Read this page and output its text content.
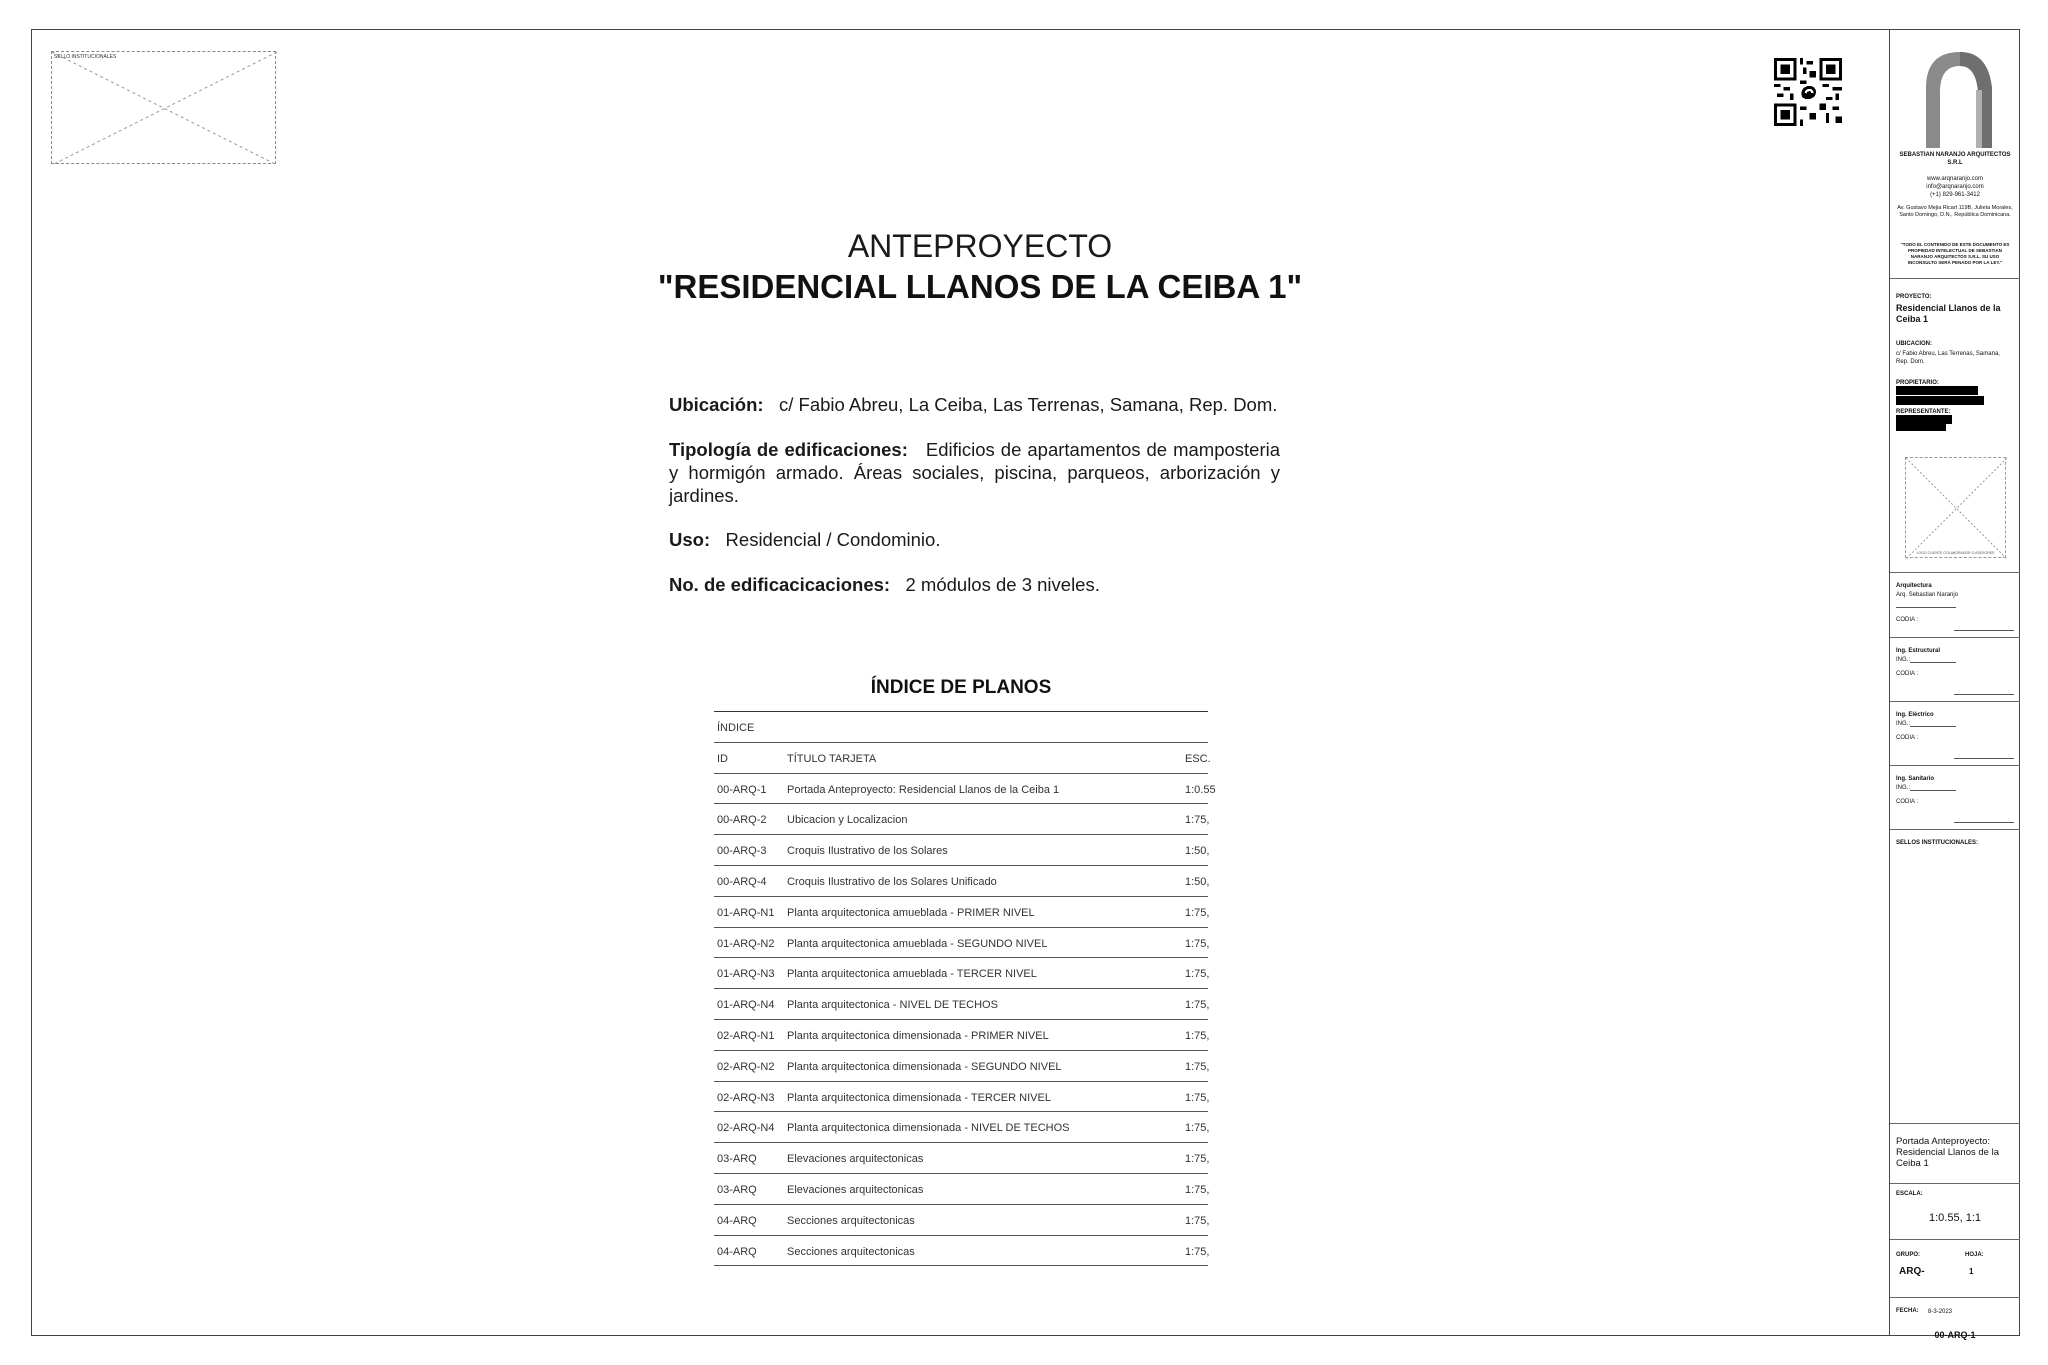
SELLO INSTITUCIONALES
ANTEPROYECTO
"RESIDENCIAL LLANOS DE LA CEIBA 1"
Ubicación: c/ Fabio Abreu, La Ceiba, Las Terrenas, Samana, Rep. Dom.
Tipología de edificaciones: Edificios de apartamentos de mamposteria y hormigón armado. Áreas sociales, piscina, parqueos, arborización y jardines.
Uso: Residencial / Condominio.
No. de edificacicaciones: 2 módulos de 3 niveles.
ÍNDICE DE PLANOS
ÍNDICE
ID	TÍTULO TARJETA	ESC.
00-ARQ-1	Portada Anteproyecto: Residencial Llanos de la Ceiba 1	1:0.55
00-ARQ-2	Ubicacion y Localizacion	1:75,
00-ARQ-3	Croquis Ilustrativo de los Solares	1:50,
00-ARQ-4	Croquis Ilustrativo de los Solares Unificado	1:50,
01-ARQ-N1	Planta arquitectonica amueblada - PRIMER NIVEL	1:75,
01-ARQ-N2	Planta arquitectonica amueblada - SEGUNDO NIVEL	1:75,
01-ARQ-N3	Planta arquitectonica amueblada - TERCER NIVEL	1:75,
01-ARQ-N4	Planta arquitectonica - NIVEL DE TECHOS	1:75,
02-ARQ-N1	Planta arquitectonica dimensionada - PRIMER NIVEL	1:75,
02-ARQ-N2	Planta arquitectonica dimensionada - SEGUNDO NIVEL	1:75,
02-ARQ-N3	Planta arquitectonica dimensionada - TERCER NIVEL	1:75,
02-ARQ-N4	Planta arquitectonica dimensionada - NIVEL DE TECHOS	1:75,
03-ARQ	Elevaciones arquitectonicas	1:75,
03-ARQ	Elevaciones arquitectonicas	1:75,
04-ARQ	Secciones arquitectonicas	1:75,
04-ARQ	Secciones arquitectonicas	1:75,
SEBASTIAN NARANJO ARQUITECTOS S.R.L
www.arqnaranjo.com
info@arqnaranjo.com
(+1) 829-961-3412
Av. Gustavo Mejia Ricart 119B, Julieta Morales, Santo Domingo, D.N., República Dominicana.
"TODO EL CONTENIDO DE ESTE DOCUMENTO ES PROPIEDAD INTELECTUAL DE SEBASTIAN NARANJO ARQUITECTOS S.R.L. SU USO INCONSULTO SERÁ PENADO POR LA LEY."
PROYECTO:
Residencial Llanos de la Ceiba 1
UBICACION:
c/ Fabio Abreu, Las Terrenas, Samana, Rep. Dom.
PROPIETARIO:
REPRESENTANTE:
LOGO CLIENTE COLABORADOR O ASESORES
Arquitectura
Arq. Sebastian Naranjo
CODIA :
Ing. Estructural
ING.:
CODIA :
Ing. Eléctrico
ING.:
CODIA :
Ing. Sanitario
ING.:
CODIA :
SELLOS INSTITUCIONALES:
Portada Anteproyecto: Residencial Llanos de la Ceiba 1
ESCALA:
1:0.55, 1:1
GRUPO:
ARQ-
HOJA:
1
FECHA: 8-3-2023
00-ARQ-1
